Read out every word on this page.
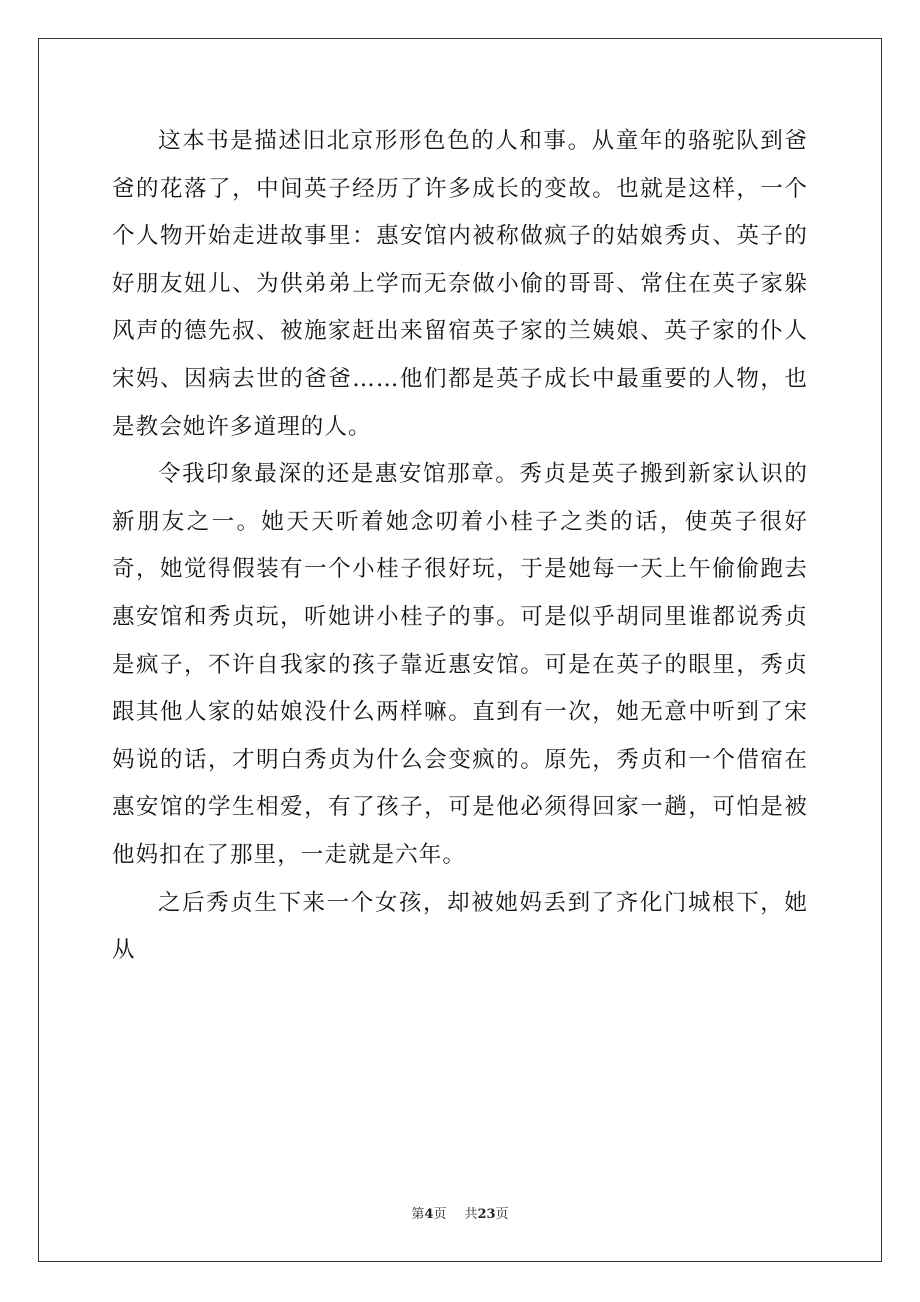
这本书是描述旧北京形形色色的人和事。从童年的骆驼队到爸爸的花落了，中间英子经历了许多成长的变故。也就是这样，一个个人物开始走进故事里：惠安馆内被称做疯子的姑娘秀贞、英子的好朋友妞儿、为供弟弟上学而无奈做小偷的哥哥、常住在英子家躲风声的德先叔、被施家赶出来留宿英子家的兰姨娘、英子家的仆人宋妈、因病去世的爸爸……他们都是英子成长中最重要的人物，也是教会她许多道理的人。

令我印象最深的还是惠安馆那章。秀贞是英子搬到新家认识的新朋友之一。她天天听着她念叨着小桂子之类的话，使英子很好奇，她觉得假装有一个小桂子很好玩，于是她每一天上午偷偷跑去惠安馆和秀贞玩，听她讲小桂子的事。可是似乎胡同里谁都说秀贞是疯子，不许自我家的孩子靠近惠安馆。可是在英子的眼里，秀贞跟其他人家的姑娘没什么两样嘛。直到有一次，她无意中听到了宋妈说的话，才明白秀贞为什么会变疯的。原先，秀贞和一个借宿在惠安馆的学生相爱，有了孩子，可是他必须得回家一趟，可怕是被他妈扣在了那里，一走就是六年。

之后秀贞生下来一个女孩，却被她妈丢到了齐化门城根下，她从

第4页 共23页
